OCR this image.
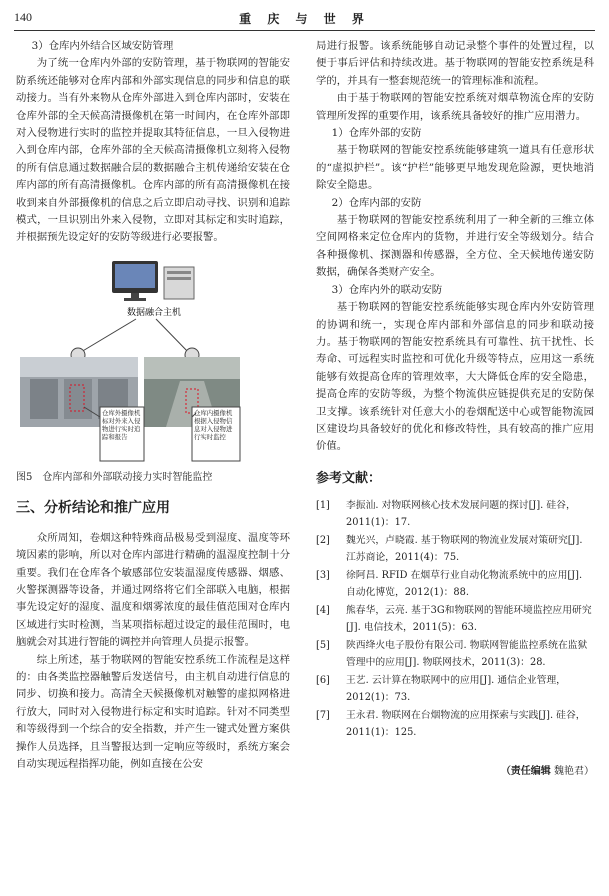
140	重 庆 与 世 界

3）仓库内外结合区域安防管理

为了统一仓库内外部的安防管理，基于物联网的智能安防系统还能够对仓库内部和外部实现信息的同步和信息的联动接力。当有外来物从仓库外部进入到仓库内部时，安装在仓库外部的全天候高清摄像机在第一时间内，在仓库外部即对入侵物进行实时的监控并提取其特征信息，一旦入侵物进入到仓库内部，仓库外部的全天候高清摄像机立刻将入侵物的所有信息通过数据融合层的数据融合主机传递给安装在仓库内部的所有高清摄像机。仓库内部的所有高清摄像机在接收到来自外部摄像机的信息之后立即启动寻找、识别和追踪模式，一旦识别出外来入侵物，立即对其标定和实时追踪，并根据预先设定好的安防等级进行必要报警。

数据融合主机
仓库外摄像机标对外来入侵物进行实时追踪和报告
仓库内摄像机根据入侵物信息对入侵物进行实时监控

图5　仓库内部和外部联动接力实时智能监控

三、分析结论和推广应用

众所周知，卷烟这种特殊商品极易受到湿度、温度等环境因素的影响，所以对仓库内部进行精确的温湿度控制十分重要。我们在仓库各个敏感部位安装温湿度传感器、烟感、火警探测器等设备，并通过网络将它们全部联入电脑，根据事先设定好的湿度、温度和烟雾浓度的最佳值范围对仓库内区域进行实时检测，当某项指标超过设定的最佳范围时，电脑就会对其进行智能的调控并向管理人员提示报警。

综上所述，基于物联网的智能安控系统工作流程是这样的：由各类监控器触警后发送信号，由主机自动进行信息的同步、切换和接力。高清全天候摄像机对触警的虚拟网格进行放大，同时对入侵物进行标定和实时追踪。针对不同类型和等级得到一个综合的安全指数，并产生一键式处置方案供操作人员选择，且当警报达到一定响应等级时，系统方案会自动实现远程指挥功能，例如直接在公安

局进行报警。该系统能够自动记录整个事件的处置过程，以便于事后评估和持续改进。基于物联网的智能安控系统是科学的，并具有一整套规范统一的管理标准和流程。

由于基于物联网的智能安控系统对烟草物流仓库的安防管理所发挥的重要作用，该系统具备较好的推广应用潜力。

1）仓库外部的安防

基于物联网的智能安控系统能够建筑一道具有任意形状的“虚拟护栏”。该“护栏”能够更早地发现危险源，更快地消除安全隐患。

2）仓库内部的安防

基于物联网的智能安控系统利用了一种全新的三维立体空间网格来定位仓库内的货物，并进行安全等级划分。结合各种摄像机、探测器和传感器，全方位、全天候地传递安防数据，确保各类财产安全。

3）仓库内外的联动安防

基于物联网的智能安控系统能够实现仓库内外安防管理的协调和统一，实现仓库内部和外部信息的同步和联动接力。基于物联网的智能安控系统具有可靠性、抗干扰性、长寿命、可远程实时监控和可优化升级等特点，应用这一系统能够有效提高仓库的管理效率，大大降低仓库的安全隐患，提高仓库的安防等级，为整个物流供应链提供充足的安防保卫支撑。该系统针对任意大小的卷烟配送中心或智能物流园区建设均具备较好的优化和修改特性，具有较高的推广应用价值。

参考文献：
[1]	李振汕. 对物联网核心技术发展问题的探讨[J]. 硅谷，2011(1)：17.
[2]	魏光兴，卢晓霞. 基于物联网的物流业发展对策研究[J]. 江苏商论，2011(4)：75.
[3]	徐阿昌. RFID 在烟草行业自动化物流系统中的应用[J]. 自动化博览，2012(1)：88.
[4]	熊春华，云亮. 基于3G和物联网的智能环境监控应用研究[J]. 电信技术，2011(5)：63.
[5]	陕西绛火电子股份有限公司. 物联网智能监控系统在监狱管理中的应用[J]. 物联网技术，2011(3)：28.
[6]	王艺. 云计算在物联网中的应用[J]. 通信企业管理，2012(1)：73.
[7]	王永君. 物联网在台烟物流的应用探索与实践[J]. 硅谷，2011(1)：125.
（责任编辑 魏艳君）
